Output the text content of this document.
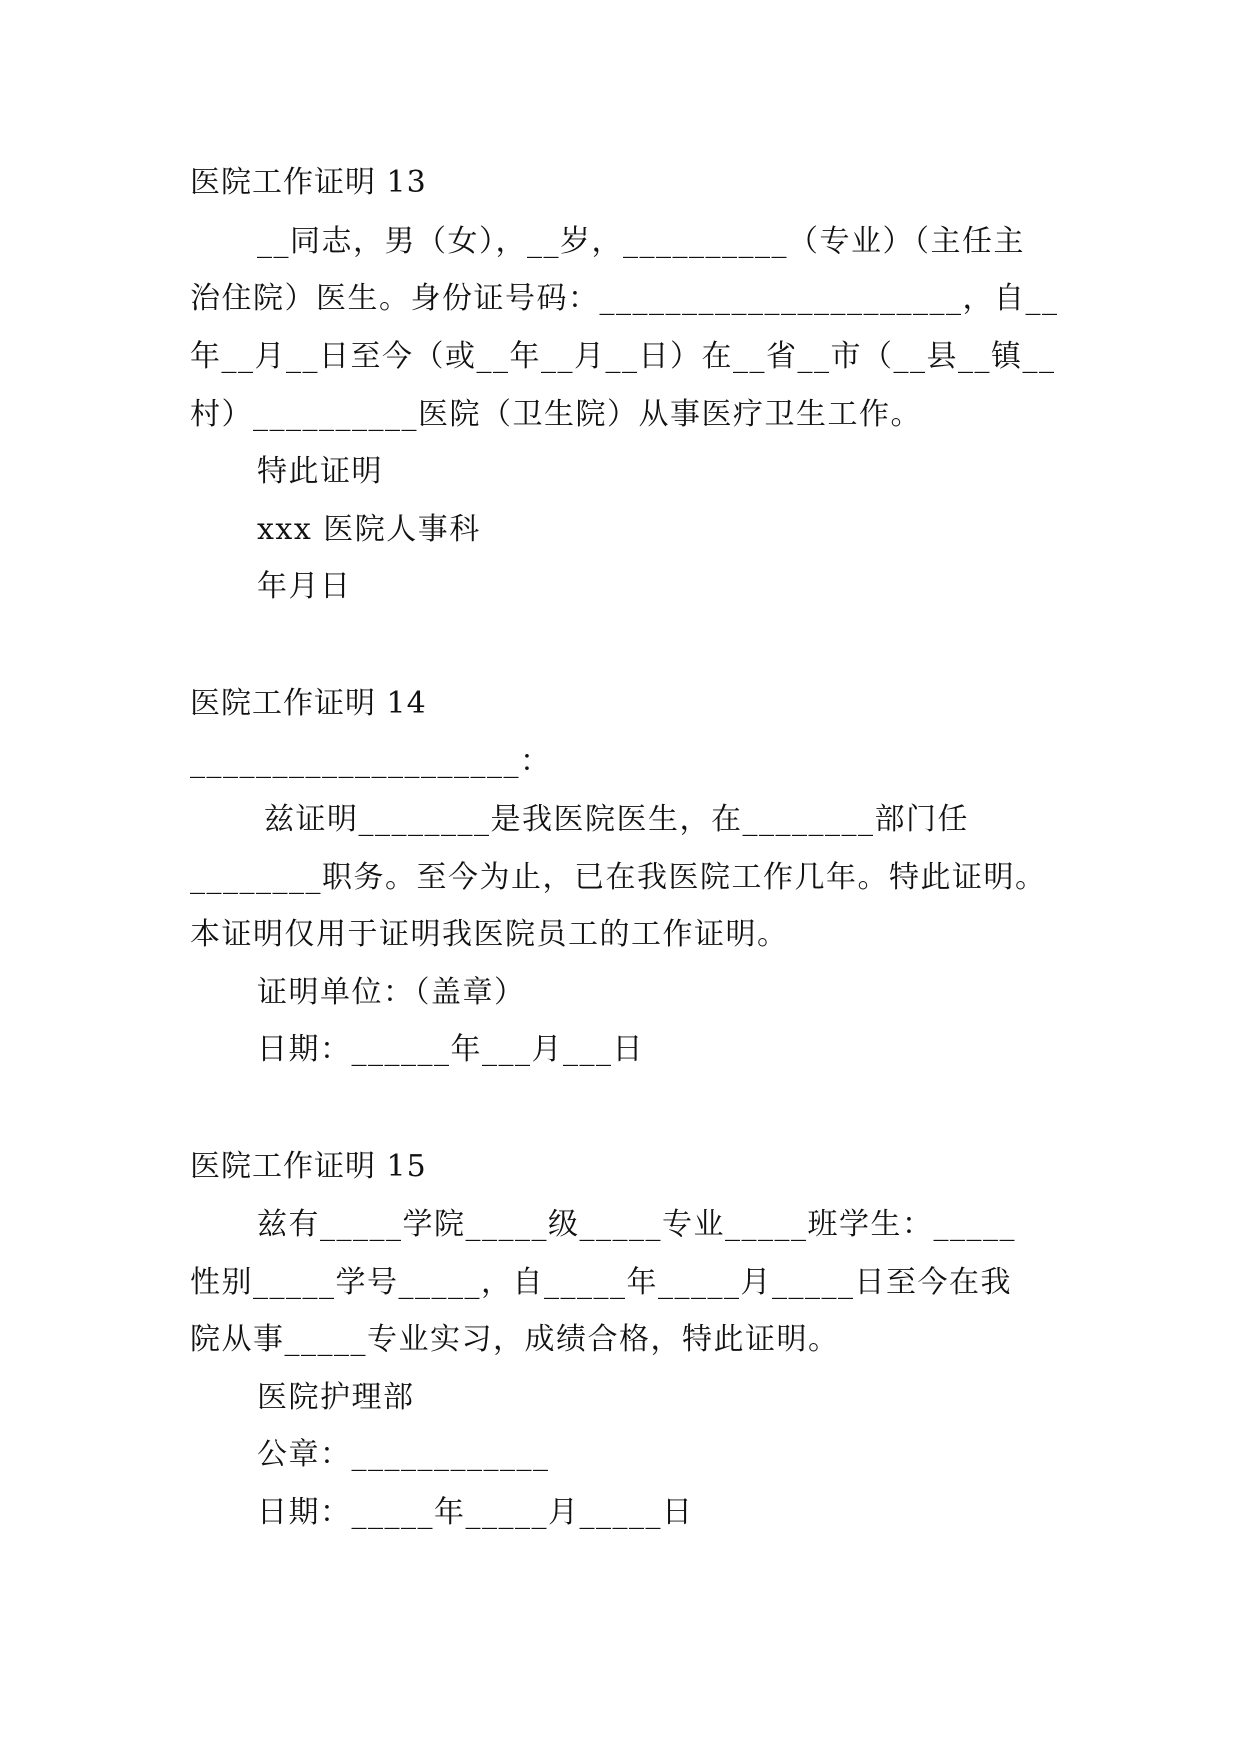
医院工作证明 13
__同志，男（女），__岁，__________（专业）（主任主
治住院）医生。身份证号码：______________________，自__
年__月__日至今（或__年__月__日）在__省__市（__县__镇__
村）__________医院（卫生院）从事医疗卫生工作。
特此证明
xxx 医院人事科
年月日
医院工作证明 14
____________________：
兹证明________是我医院医生，在________部门任
________职务。至今为止，已在我医院工作几年。特此证明。
本证明仅用于证明我医院员工的工作证明。
证明单位：（盖章）
日期：______年___月___日
医院工作证明 15
兹有_____学院_____级_____专业_____班学生：_____
性别_____学号_____，自_____年_____月_____日至今在我
院从事_____专业实习，成绩合格，特此证明。
医院护理部
公章：____________
日期：_____年_____月_____日
